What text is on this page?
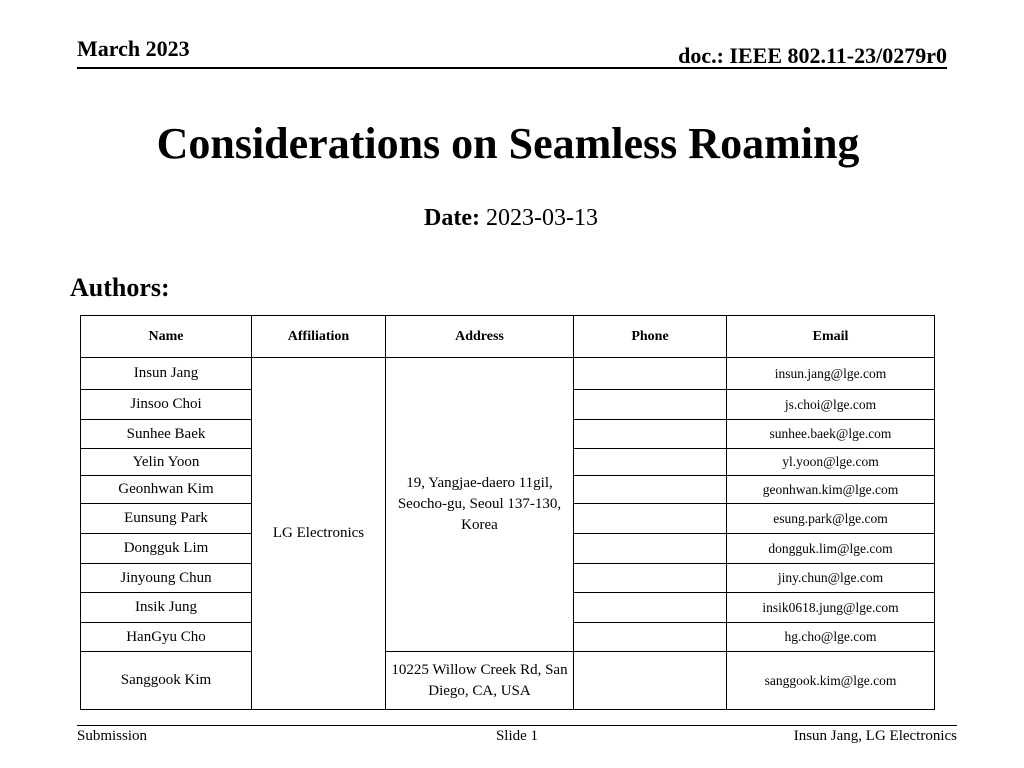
March 2023	doc.: IEEE 802.11-23/0279r0
Considerations on Seamless Roaming
Date: 2023-03-13
Authors:
Name	Affiliation	Address	Phone	Email
Insun Jang	LG Electronics	19, Yangjae-daero 11gil, Seocho-gu, Seoul 137-130, Korea		insun.jang@lge.com
Jinsoo Choi				js.choi@lge.com
Sunhee Baek				sunhee.baek@lge.com
Yelin Yoon				yl.yoon@lge.com
Geonhwan Kim				geonhwan.kim@lge.com
Eunsung Park				esung.park@lge.com
Dongguk Lim				dongguk.lim@lge.com
Jinyoung Chun				jiny.chun@lge.com
Insik Jung				insik0618.jung@lge.com
HanGyu Cho				hg.cho@lge.com
Sanggook Kim		10225 Willow Creek Rd, San Diego, CA, USA		sanggook.kim@lge.com
Submission	Slide 1	Insun Jang, LG Electronics
